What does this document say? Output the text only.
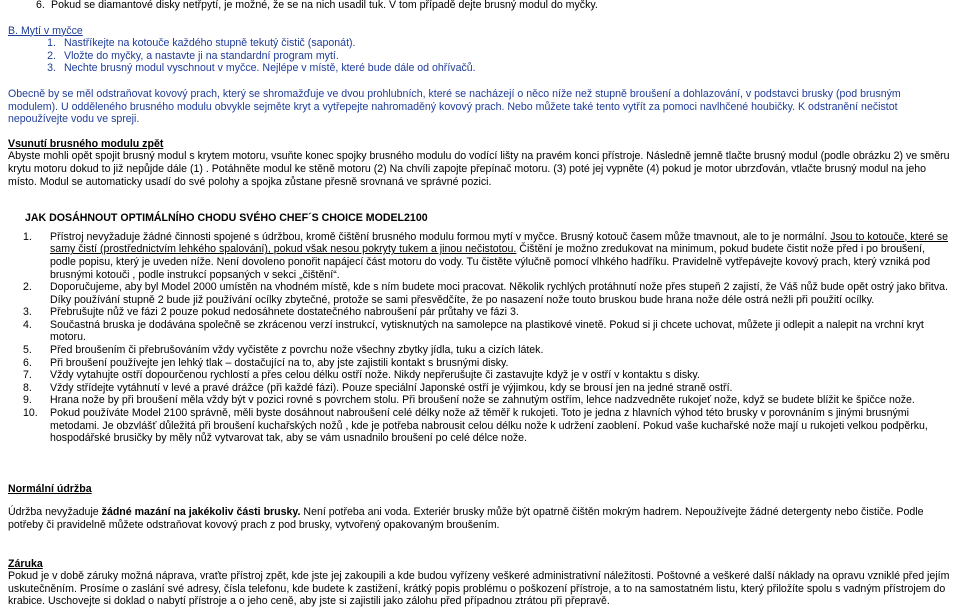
6. Pokud se diamantové disky netřpytí, je možné, že se na nich usadil tuk. V tom případě dejte brusný modul do myčky.

B. Mytí v myčce

1. Nastříkejte na kotouče každého stupně tekutý čistič (saponát).
2. Vložte do myčky, a nastavte ji na standardní program mytí.
3. Nechte brusný modul vyschnout v myčce. Nejlépe v místě, které bude dále od ohřívačů.

Obecně by se měl odstraňovat kovový prach, který se shromažďuje ve dvou prohlubních, které se nacházejí o něco níže než stupně broušení a dohlazování, v podstavci brusky (pod brusným modulem). U odděleného brusného modulu obvykle sejměte kryt a vytřepejte nahromaděný kovový prach. Nebo můžete také tento vytřít za pomoci navlhčené houbičky. K odstranění nečistot nepoužívejte vodu ve spreji.

Vsunutí brusného modulu zpět

Abyste mohli opět spojit brusný modul s krytem motoru, vsuňte konec spojky brusného modulu do vodící lišty na pravém konci přístroje. Následně jemně tlačte brusný modul (podle obrázku 2) ve směru krytu motoru dokud to již nepůjde dále (1) . Potáhněte modul ke stěně motoru (2) Na chvíli zapojte přepínač motoru. (3) poté jej vypněte (4) pokud je motor ubrzďován, vtlačte brusný modul na jeho místo. Modul se automaticky usadí do své polohy a spojka zůstane přesně srovnaná ve správné pozici.

JAK DOSÁHNOUT OPTIMÁLNÍHO CHODU SVÉHO CHEF´S CHOICE MODEL2100

1.	Přístroj nevyžaduje žádné činnosti spojené s údržbou, kromě čištění brusného modulu formou mytí v myčce. Brusný kotouč časem může tmavnout, ale to je normální. Jsou to kotouče, které se samy čistí (prostřednictvím lehkého spalování), pokud však nesou pokryty tukem a jinou nečistotou. Čištění je možno zredukovat na minimum, pokud budete čistit nože před i po broušení, podle popisu, který je uveden níže. Není dovoleno ponořit napájecí část motoru do vody. Tu čistěte výlučně pomocí vlhkého hadříku. Pravidelně vytřepávejte kovový prach, který vzniká pod brusnými kotouči , podle instrukcí popsaných v sekci „čištění“.
2.	Doporučujeme, aby byl Model 2000 umístěn na vhodném místě, kde s ním budete moci pracovat. Několik rychlých protáhnutí nože přes stupeň 2 zajistí, že Váš nůž bude opět ostrý jako břitva. Díky používání stupně 2 bude již používání ocílky zbytečné, protože se sami přesvědčíte, že po nasazení nože touto bruskou bude hrana nože déle ostrá nežli při použití ocílky.
3.	Přebrušujte nůž ve fázi 2 pouze pokud nedosáhnete dostatečného nabroušení pár průtahy ve fázi 3.
4.	Součastná bruska je dodávána společně se zkrácenou verzí instrukcí, vytisknutých na samolepce na plastikové vinetě. Pokud si ji chcete uchovat, můžete ji odlepit a nalepit na vrchní kryt motoru.
5.	Před broušením či přebrušováním vždy vyčistěte z povrchu nože všechny zbytky jídla, tuku a cizích látek.
6.	Při broušení používejte jen lehký tlak – dostačující na to, aby jste zajistili kontakt s brusnými disky.
7.	Vždy vytahujte ostří dopourčenou rychlostí a přes celou délku ostří nože. Nikdy nepřerušujte či zastavujte když je v ostří v kontaktu s disky.
8.	Vždy střídejte vytáhnutí v levé a pravé drážce (při každé fázi). Pouze speciální Japonské ostří je výjimkou, kdy se brousí jen na jedné straně ostří.
9.	Hrana nože by při broušení měla vždy být v pozici rovné s povrchem stolu. Při broušení nože se zahnutým ostřím, lehce nadzvedněte rukojeť nože, když se budete blížit ke špičce nože.
10.	Pokud používáte Model 2100 správně, měli byste dosáhnout nabroušení celé délky nože až těměř k rukojeti. Toto je jedna z hlavních výhod této brusky v porovnáním s jinými brusnými metodami. Je obzvlášť důležitá při broušení kuchařských nožů , kde je potřeba nabrousit celou délku nože k udržení zaoblení. Pokud vaše kuchařské nože mají u rukojeti velkou podpěrku, hospodářské brusičky by měly nůž vytvarovat tak, aby se vám usnadnilo broušení po celé délce nože.

Normální údržba

Údržba nevyžaduje žádné mazání na jakékoliv části brusky. Není potřeba ani voda. Exteriér brusky může být opatrně čištěn mokrým hadrem. Nepoužívejte žádné detergenty nebo čističe. Podle potřeby či pravidelně můžete odstraňovat kovový prach z pod brusky, vytvořený opakovaným broušením.

Záruka

Pokud je v době záruky možná náprava, vraťte přístroj zpět, kde jste jej zakoupili a kde budou vyřízeny veškeré administrativní náležitosti. Poštovné a veškeré další náklady na opravu vzniklé před jejím uskutečněním. Prosíme o zaslání své adresy, čísla telefonu, kde budete k zastižení, krátký popis problému o poškození přístroje, a to na samostatném listu, který přiložíte spolu s vadným přístrojem do krabice. Uschovejte si doklad o nabytí přístroje a o jeho ceně, aby jste si zajistili jako zálohu před případnou ztrátou při přepravě.
